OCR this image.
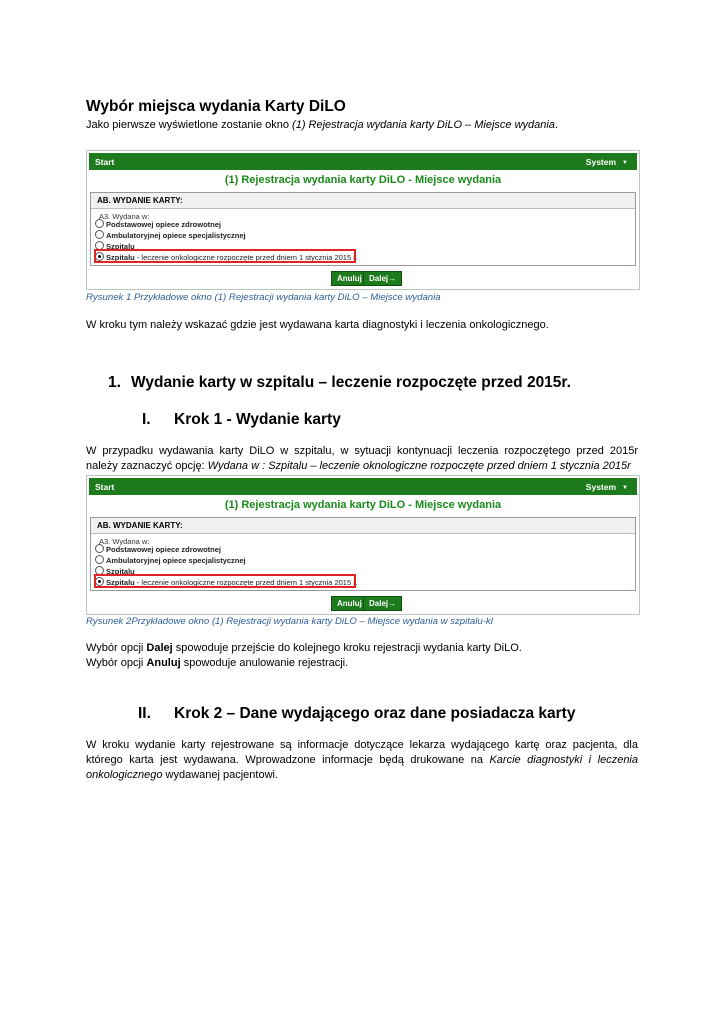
Wybór miejsca wydania Karty DiLO
Jako pierwsze wyświetlone zostanie okno (1) Rejestracja wydania karty DiLO – Miejsce wydania.
Start	System ▼
(1) Rejestracja wydania karty DiLO - Miejsce wydania
AB. WYDANIE KARTY:
A3. Wydana w:
Podstawowej opiece zdrowotnej
Ambulatoryjnej opiece specjalistycznej
Szpitalu
Szpitalu - leczenie onkologiczne rozpoczęte przed dniem 1 stycznia 2015 r.
Anuluj Dalej→
Rysunek 1 Przykładowe okno (1) Rejestracji wydania karty DiLO – Miejsce wydania
W kroku tym należy wskazać gdzie jest wydawana karta diagnostyki i leczenia onkologicznego.
1. Wydanie karty w szpitalu – leczenie rozpoczęte przed 2015r.
I. Krok 1 - Wydanie karty
W przypadku wydawania karty DiLO w szpitalu, w sytuacji kontynuacji leczenia rozpoczętego przed 2015r
należy zaznaczyć opcję: Wydana w : Szpitalu – leczenie oknologiczne rozpoczęte przed dniem 1 stycznia 2015r
Start	System ▼
(1) Rejestracja wydania karty DiLO - Miejsce wydania
AB. WYDANIE KARTY:
A3. Wydana w:
Podstawowej opiece zdrowotnej
Ambulatoryjnej opiece specjalistycznej
Szpitalu
Szpitalu - leczenie onkologiczne rozpoczęte przed dniem 1 stycznia 2015 r.
Anuluj Dalej→
Rysunek 2Przykładowe okno (1) Rejestracji wydania karty DiLO – Miejsce wydania w szpitalu-kl
Wybór opcji Dalej spowoduje przejście do kolejnego kroku rejestracji wydania karty DiLO.
Wybór opcji Anuluj spowoduje anulowanie rejestracji.
II. Krok 2 – Dane wydającego oraz dane posiadacza karty
W kroku wydanie karty rejestrowane są informacje dotyczące lekarza wydającego kartę oraz pacjenta, dla
którego karta jest wydawana. Wprowadzone informacje będą drukowane na Karcie diagnostyki i leczenia
onkologicznego wydawanej pacjentowi.
